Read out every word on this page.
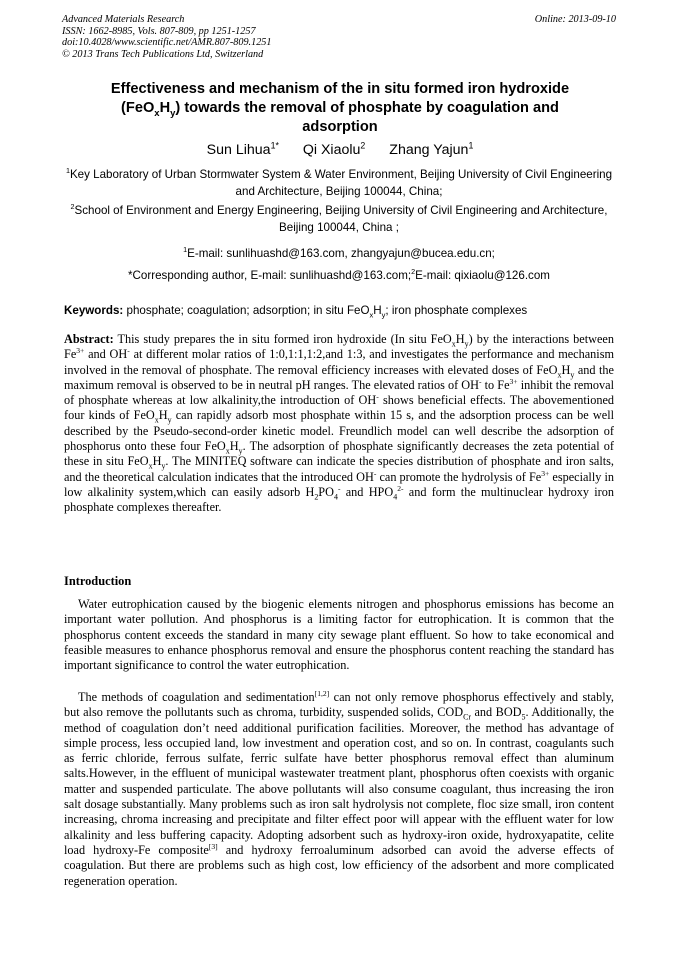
Advanced Materials Research
ISSN: 1662-8985, Vols. 807-809, pp 1251-1257
doi:10.4028/www.scientific.net/AMR.807-809.1251
© 2013 Trans Tech Publications Ltd, Switzerland
Online: 2013-09-10
Effectiveness and mechanism of the in situ formed iron hydroxide
$(FeO_xH_y)$ towards the removal of phosphate by coagulation and
adsorption
Sun Lihua$^{1*}$ Qi Xiaolu$^2$ Zhang Yajun$^1$
$^1$Key Laboratory of Urban Stormwater System & Water Environment, Beijing University of Civil Engineering and Architecture, Beijing 100044, China;
$^2$School of Environment and Energy Engineering, Beijing University of Civil Engineering and Architecture, Beijing 100044, China ;
$^1$E-mail: sunlihuashd@163.com, zhangyajun@bucea.edu.cn;
*Corresponding author, E-mail: sunlihuashd@163.com;$^2$E-mail: qixiaolu@126.com
Keywords: phosphate; coagulation; adsorption; in situ $FeO_xH_y$; iron phosphate complexes
Abstract: This study prepares the in situ formed iron hydroxide (In situ $FeO_xH_y$) by the interactions between $Fe^{3+}$ and OH- at different molar ratios of 1:0,1:1,1:2,and 1:3, and investigates the performance and mechanism involved in the removal of phosphate. The removal efficiency increases with elevated doses of $FeO_xH_y$ and the maximum removal is observed to be in neutral pH ranges. The elevated ratios of OH- to $Fe^{3+}$ inhibit the removal of phosphate whereas at low alkalinity,the introduction of OH- shows beneficial effects. The abovementioned four kinds of $FeO_xH_y$ can rapidly adsorb most phosphate within 15 s, and the adsorption process can be well described by the Pseudo-second-order kinetic model. Freundlich model can well describe the adsorption of phosphorus onto these four $FeO_xH_y$. The adsorption of phosphate significantly decreases the zeta potential of these in situ $FeO_xH_y$. The MINITEQ software can indicate the species distribution of phosphate and iron salts, and the theoretical calculation indicates that the introduced OH- can promote the hydrolysis of $Fe^{3+}$ especially in low alkalinity system,which can easily adsorb $H_2PO_4^-$ and $HPO_4^{2-}$ and form the multinuclear hydroxy iron phosphate complexes thereafter.
Introduction

Water eutrophication caused by the biogenic elements nitrogen and phosphorus emissions has become an important water pollution. And phosphorus is a limiting factor for eutrophication. It is common that the phosphorus content exceeds the standard in many city sewage plant effluent. So how to take economical and feasible measures to enhance phosphorus removal and ensure the phosphorus content reaching the standard has important significance to control the water eutrophication.

The methods of coagulation and sedimentation[1,2] can not only remove phosphorus effectively and stably, but also remove the pollutants such as chroma, turbidity, suspended solids, $COD_{Cr}$ and $BOD_5$. Additionally, the method of coagulation don’t need additional purification facilities. Moreover, the method has advantage of simple process, less occupied land, low investment and operation cost, and so on. In contrast, coagulants such as ferric chloride, ferrous sulfate, ferric sulfate have better phosphorus removal effect than aluminum salts.However, in the effluent of municipal wastewater treatment plant, phosphorus often coexists with organic matter and suspended particulate. The above pollutants will also consume coagulant, thus increasing the iron salt dosage substantially. Many problems such as iron salt hydrolysis not complete, floc size small, iron content increasing, chroma increasing and precipitate and filter effect poor will appear with the effluent water for low alkalinity and less buffering capacity. Adopting adsorbent such as hydroxy-iron oxide, hydroxyapatite, celite load hydroxy-Fe composite[3] and hydroxy ferroaluminum adsorbed can avoid the adverse effects of coagulation. But there are problems such as high cost, low efficiency of the adsorbent and more complicated regeneration operation.
